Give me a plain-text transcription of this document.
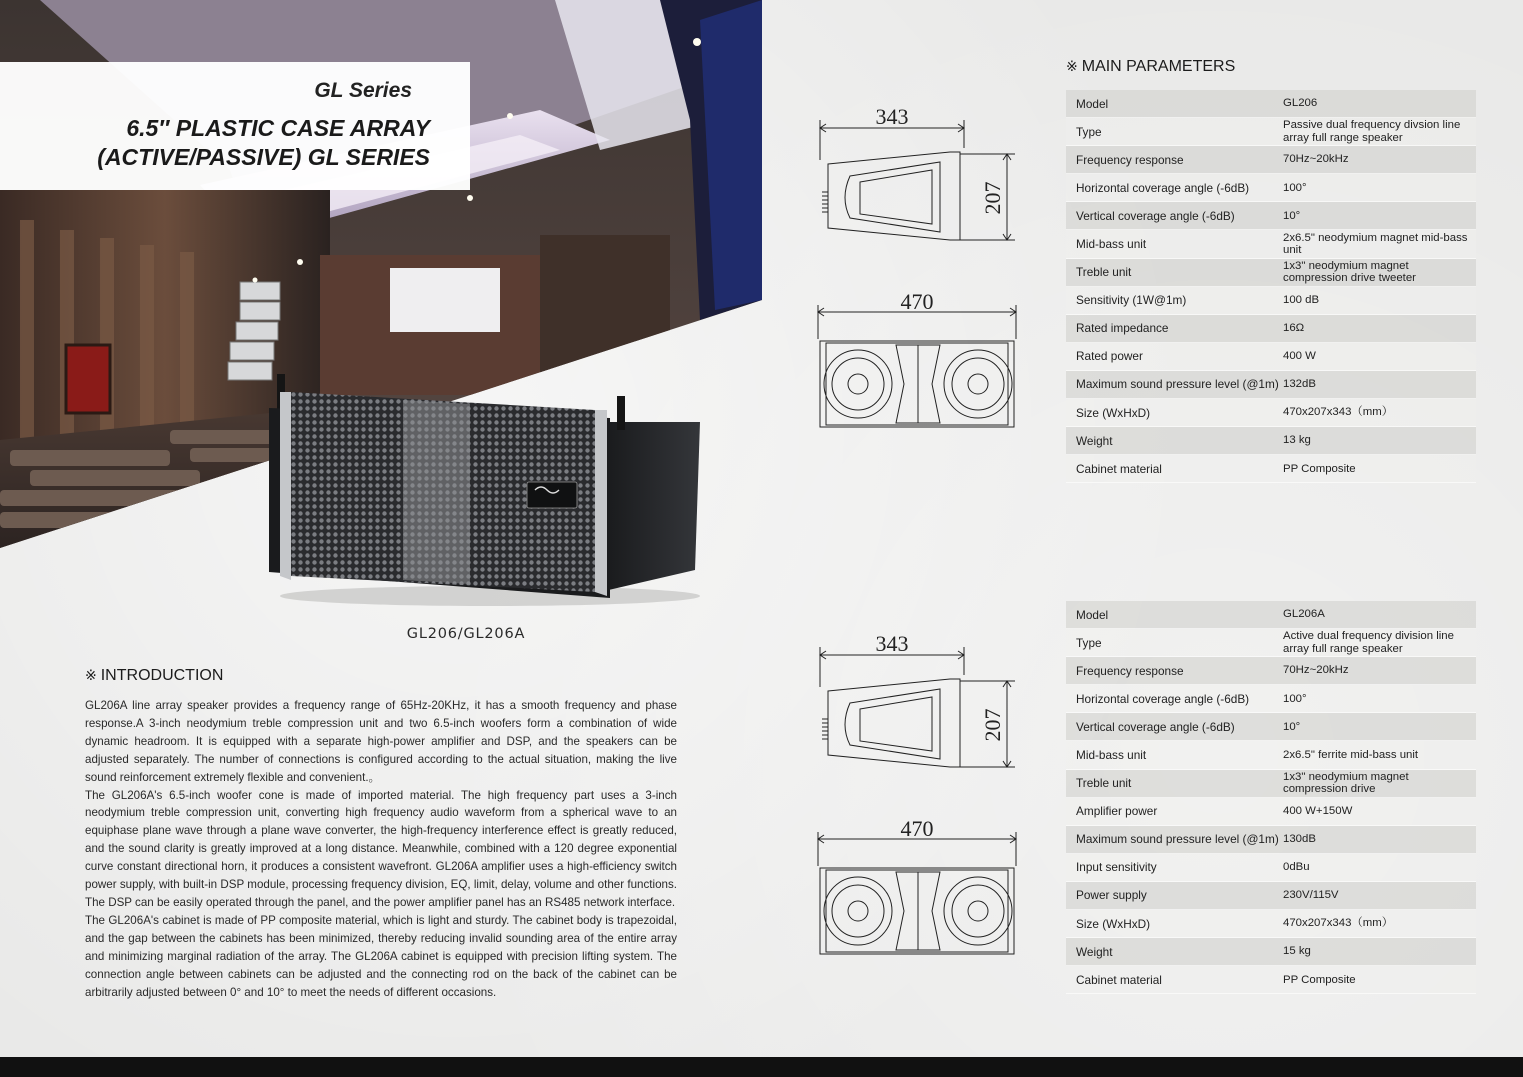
GL Series
6.5″ PLASTIC CASE ARRAY
(ACTIVE/PASSIVE) GL SERIES
GL206/GL206A
※ INTRODUCTION

GL206A line array speaker provides a frequency range of 65Hz-20KHz, it has a smooth frequency and phase response.A 3-inch neodymium treble compression unit and two 6.5-inch woofers form a combination of wide dynamic headroom. It is equipped with a separate high-power amplifier and DSP, and the speakers can be adjusted separately. The number of connections is configured according to the actual situation, making the live sound reinforcement extremely flexible and convenient.。

The GL206A's 6.5-inch woofer cone is made of imported material. The high frequency part uses a 3-inch neodymium treble compression unit, converting high frequency audio waveform from a spherical wave to an equiphase plane wave through a plane wave converter, the high-frequency interference effect is greatly reduced, and the sound clarity is greatly improved at a long distance. Meanwhile, combined with a 120 degree exponential curve constant directional horn, it produces a consistent wavefront. GL206A amplifier uses a high-efficiency switch power supply, with built-in DSP module, processing frequency division, EQ, limit, delay, volume and other functions. The DSP can be easily operated through the panel, and the power amplifier panel has an RS485 network interface.

The GL206A's cabinet is made of PP composite material, which is light and sturdy. The cabinet body is trapezoidal, and the gap between the cabinets has been minimized, thereby reducing invalid sounding area of the entire array and minimizing marginal radiation of the array. The GL206A cabinet is equipped with precision lifting system. The connection angle between cabinets can be adjusted and the connecting rod on the back of the cabinet can be arbitrarily adjusted between 0° and 10° to meet the needs of different occasions.

※ MAIN PARAMETERS
343
207
470
343
207
470
Model	GL206
Type	Passive dual frequency divsion line array full range speaker
Frequency response	70Hz~20kHz
Horizontal coverage angle (-6dB)	100°
Vertical coverage angle (-6dB)	10°
Mid-bass unit	2x6.5" neodymium magnet mid-bass unit
Treble unit	1x3" neodymium magnet compression drive tweeter
Sensitivity (1W@1m)	100 dB
Rated impedance	16Ω
Rated power	400 W
Maximum sound pressure level (@1m) 132dB
Size (WxHxD)	470x207x343（mm）
Weight	13 kg
Cabinet material	PP Composite
Model	GL206A
Type	Active dual frequency division line array full range speaker
Frequency response	70Hz~20kHz
Horizontal coverage angle (-6dB)	100°
Vertical coverage angle (-6dB)	10°
Mid-bass unit	2x6.5" ferrite mid-bass unit
Treble unit	1x3" neodymium magnet compression drive
Amplifier power	400 W+150W
Maximum sound pressure level (@1m) 130dB
Input sensitivity	0dBu
Power supply	230V/115V
Size (WxHxD)	470x207x343（mm）
Weight	15 kg
Cabinet material	PP Composite
